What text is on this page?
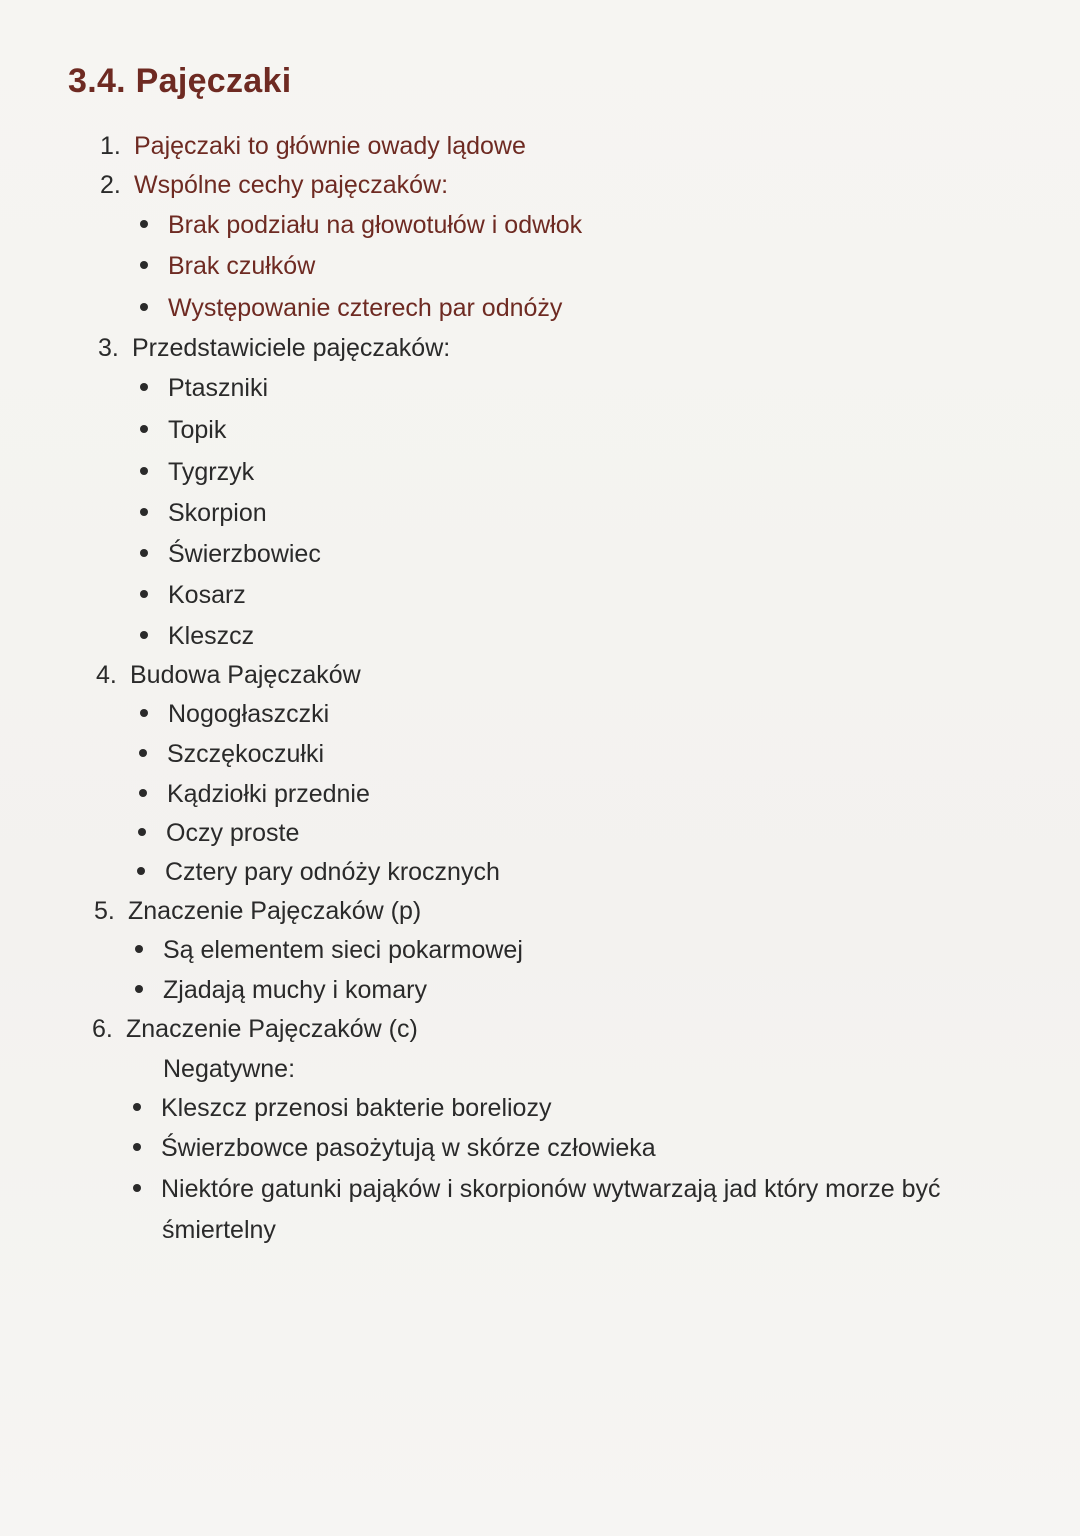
3.4. Pajęczaki
1. Pajęczaki to głównie owady lądowe
2. Wspólne cechy pajęczaków:
Brak podziału na głowotułów i odwłok
Brak czułków
Występowanie czterech par odnóży
3. Przedstawiciele pajęczaków:
Ptaszniki
Topik
Tygrzyk
Skorpion
Świerzbowiec
Kosarz
Kleszcz
4. Budowa Pajęczaków
Nogogłaszczki
Szczękoczułki
Kądziołki przednie
Oczy proste
Cztery pary odnóży krocznych
5. Znaczenie Pajęczaków (p)
Są elementem sieci pokarmowej
Zjadają muchy i komary
6. Znaczenie Pajęczaków (c)
Negatywne:
Kleszcz przenosi bakterie boreliozy
Świerzbowce pasożytują w skórze człowieka
Niektóre gatunki pająków i skorpionów wytwarzają jad który morze być
śmiertelny
